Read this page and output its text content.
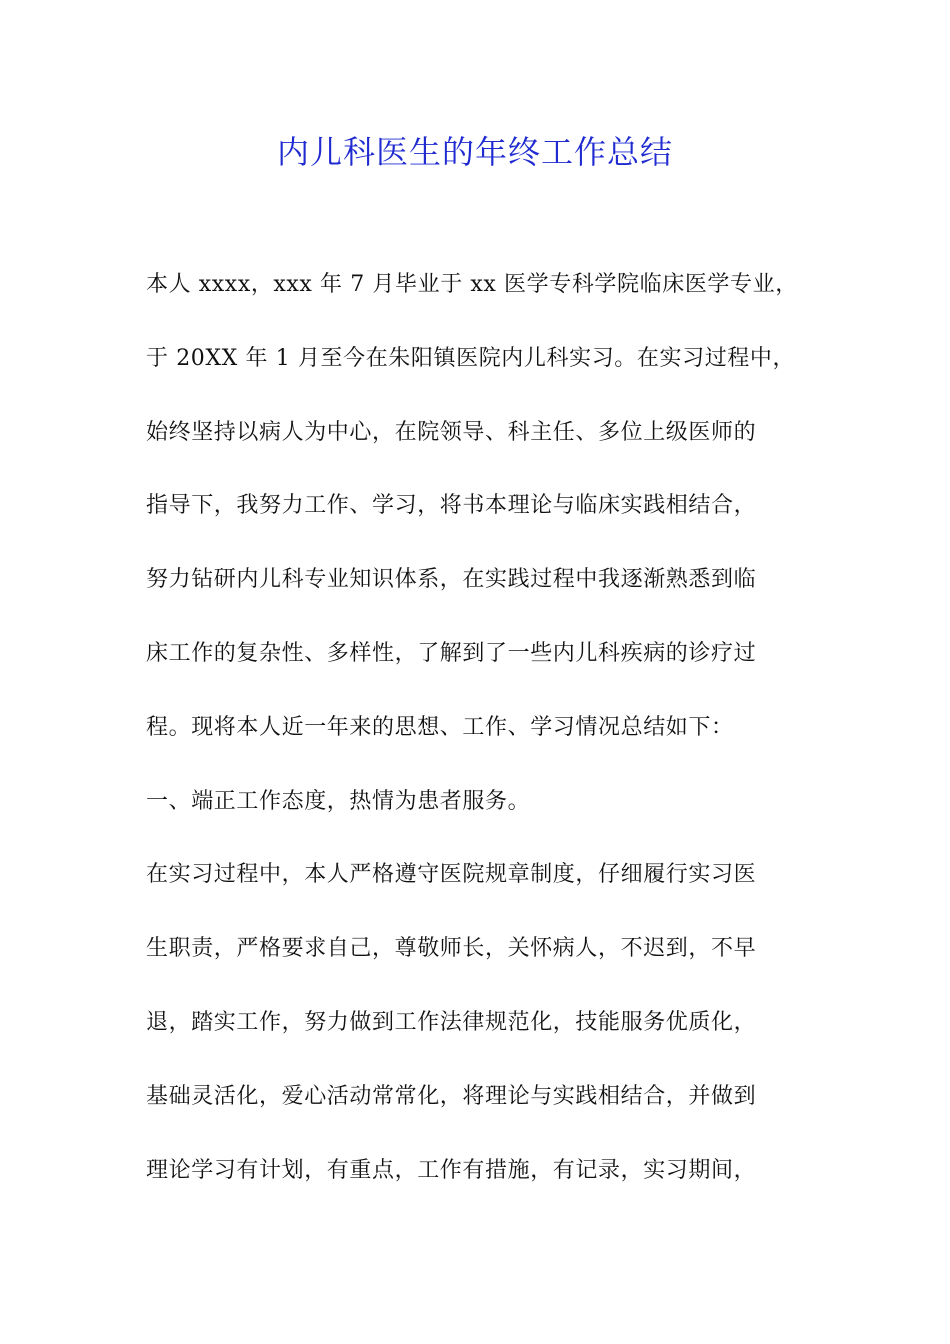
内儿科医生的年终工作总结
本人 xxxx，xxx 年 7 月毕业于 xx 医学专科学院临床医学专业，
于 20XX 年 1 月至今在朱阳镇医院内儿科实习。在实习过程中，
始终坚持以病人为中心，在院领导、科主任、多位上级医师的
指导下，我努力工作、学习，将书本理论与临床实践相结合，
努力钻研内儿科专业知识体系，在实践过程中我逐渐熟悉到临
床工作的复杂性、多样性，了解到了一些内儿科疾病的诊疗过
程。现将本人近一年来的思想、工作、学习情况总结如下：
一、端正工作态度，热情为患者服务。
在实习过程中，本人严格遵守医院规章制度，仔细履行实习医
生职责，严格要求自己，尊敬师长，关怀病人，不迟到，不早
退，踏实工作，努力做到工作法律规范化，技能服务优质化，
基础灵活化，爱心活动常常化，将理论与实践相结合，并做到
理论学习有计划，有重点，工作有措施，有记录，实习期间，
